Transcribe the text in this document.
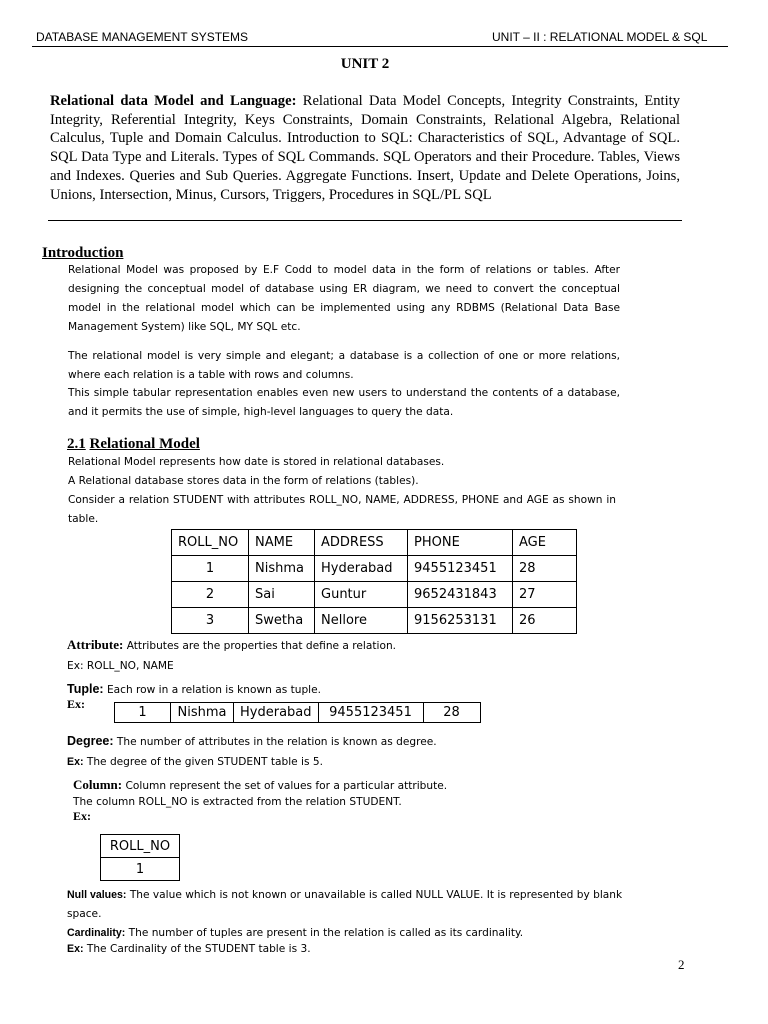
DATABASE MANAGEMENT SYSTEMS	UNIT – II : RELATIONAL MODEL & SQL
UNIT 2
Relational data Model and Language: Relational Data Model Concepts, Integrity Constraints, Entity Integrity, Referential Integrity, Keys Constraints, Domain Constraints, Relational Algebra, Relational Calculus, Tuple and Domain Calculus. Introduction to SQL: Characteristics of SQL, Advantage of SQL. SQL Data Type and Literals. Types of SQL Commands. SQL Operators and their Procedure. Tables, Views and Indexes. Queries and Sub Queries. Aggregate Functions. Insert, Update and Delete Operations, Joins, Unions, Intersection, Minus, Cursors, Triggers, Procedures in SQL/PL SQL
Introduction
Relational Model was proposed by E.F Codd to model data in the form of relations or tables. After designing the conceptual model of database using ER diagram, we need to convert the conceptual model in the relational model which can be implemented using any RDBMS (Relational Data Base Management System) like SQL, MY SQL etc.
The relational model is very simple and elegant; a database is a collection of one or more relations, where each relation is a table with rows and columns.
This simple tabular representation enables even new users to understand the contents of a database, and it permits the use of simple, high-level languages to query the data.
2.1 Relational Model
Relational Model represents how date is stored in relational databases.
A Relational database stores data in the form of relations (tables).
Consider a relation STUDENT with attributes ROLL_NO, NAME, ADDRESS, PHONE and AGE as shown in table.
ROLL_NO	NAME	ADDRESS	PHONE	AGE
1	Nishma	Hyderabad	9455123451	28
2	Sai	Guntur	9652431843	27
3	Swetha	Nellore	9156253131	26
Attribute: Attributes are the properties that define a relation.
Ex: ROLL_NO, NAME
Tuple: Each row in a relation is known as tuple.
Ex:
1	Nishma	Hyderabad	9455123451	28
Degree: The number of attributes in the relation is known as degree.
Ex: The degree of the given STUDENT table is 5.
Column: Column represent the set of values for a particular attribute.
The column ROLL_NO is extracted from the relation STUDENT.
Ex:
ROLL_NO
1
Null values: The value which is not known or unavailable is called NULL VALUE. It is represented by blank space.
Cardinality: The number of tuples are present in the relation is called as its cardinality.
Ex: The Cardinality of the STUDENT table is 3.
2
